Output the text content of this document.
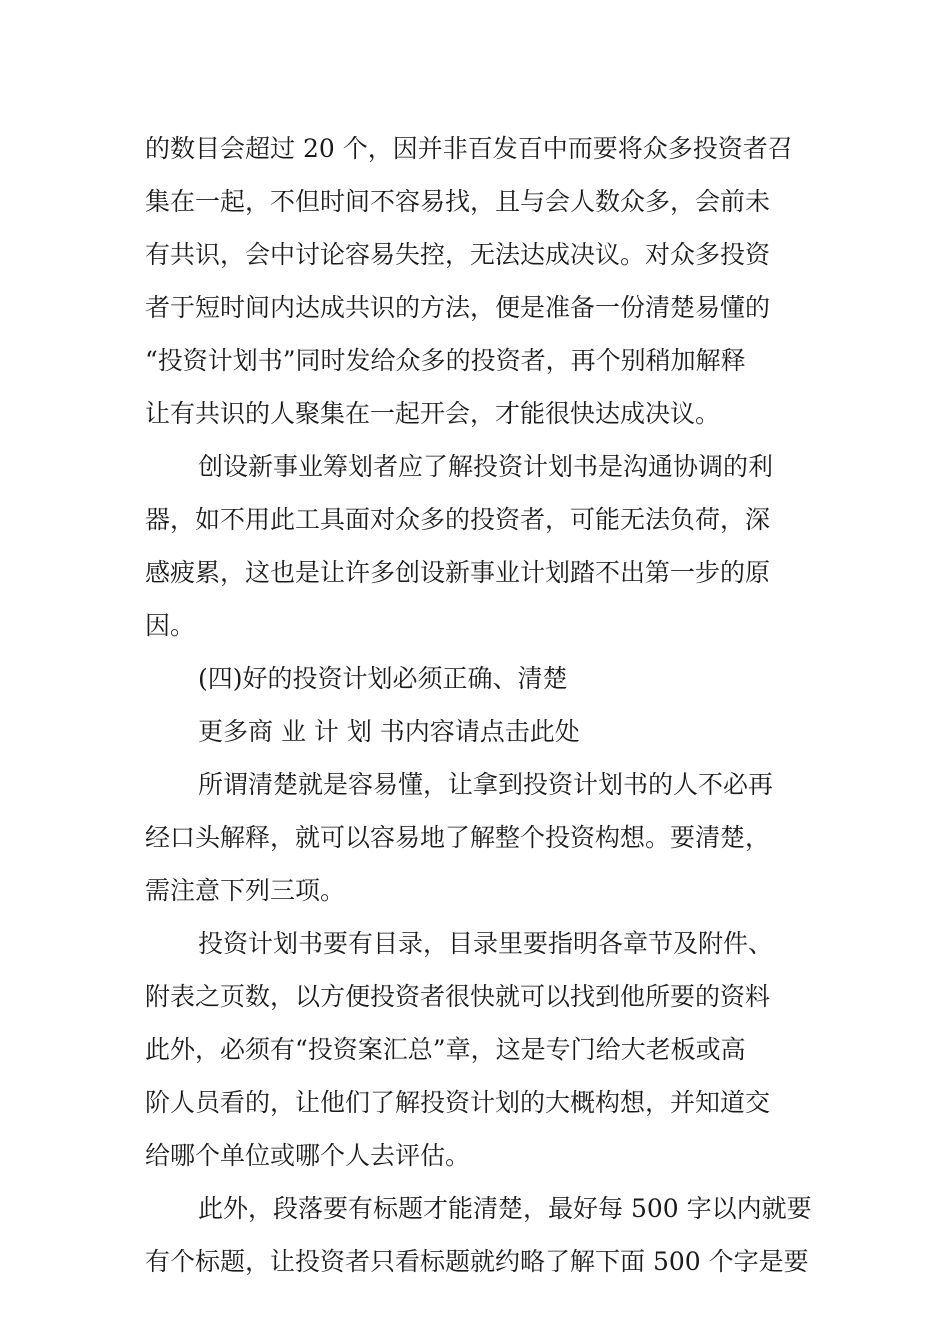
的数目会超过 20 个，因并非百发百中而要将众多投资者召
集在一起，不但时间不容易找，且与会人数众多，会前未
有共识，会中讨论容易失控，无法达成决议。对众多投资
者于短时间内达成共识的方法，便是准备一份清楚易懂的
“投资计划书”同时发给众多的投资者，再个别稍加解释
让有共识的人聚集在一起开会，才能很快达成决议。
创设新事业筹划者应了解投资计划书是沟通协调的利
器，如不用此工具面对众多的投资者，可能无法负荷，深
感疲累，这也是让许多创设新事业计划踏不出第一步的原
因。
(四)好的投资计划必须正确、清楚
更多商 业 计 划 书内容请点击此处
所谓清楚就是容易懂，让拿到投资计划书的人不必再
经口头解释，就可以容易地了解整个投资构想。要清楚，
需注意下列三项。
投资计划书要有目录，目录里要指明各章节及附件、
附表之页数，以方便投资者很快就可以找到他所要的资料
此外，必须有“投资案汇总”章，这是专门给大老板或高
阶人员看的，让他们了解投资计划的大概构想，并知道交
给哪个单位或哪个人去评估。
此外，段落要有标题才能清楚，最好每 500 字以内就要
有个标题，让投资者只看标题就约略了解下面 500 个字是要
